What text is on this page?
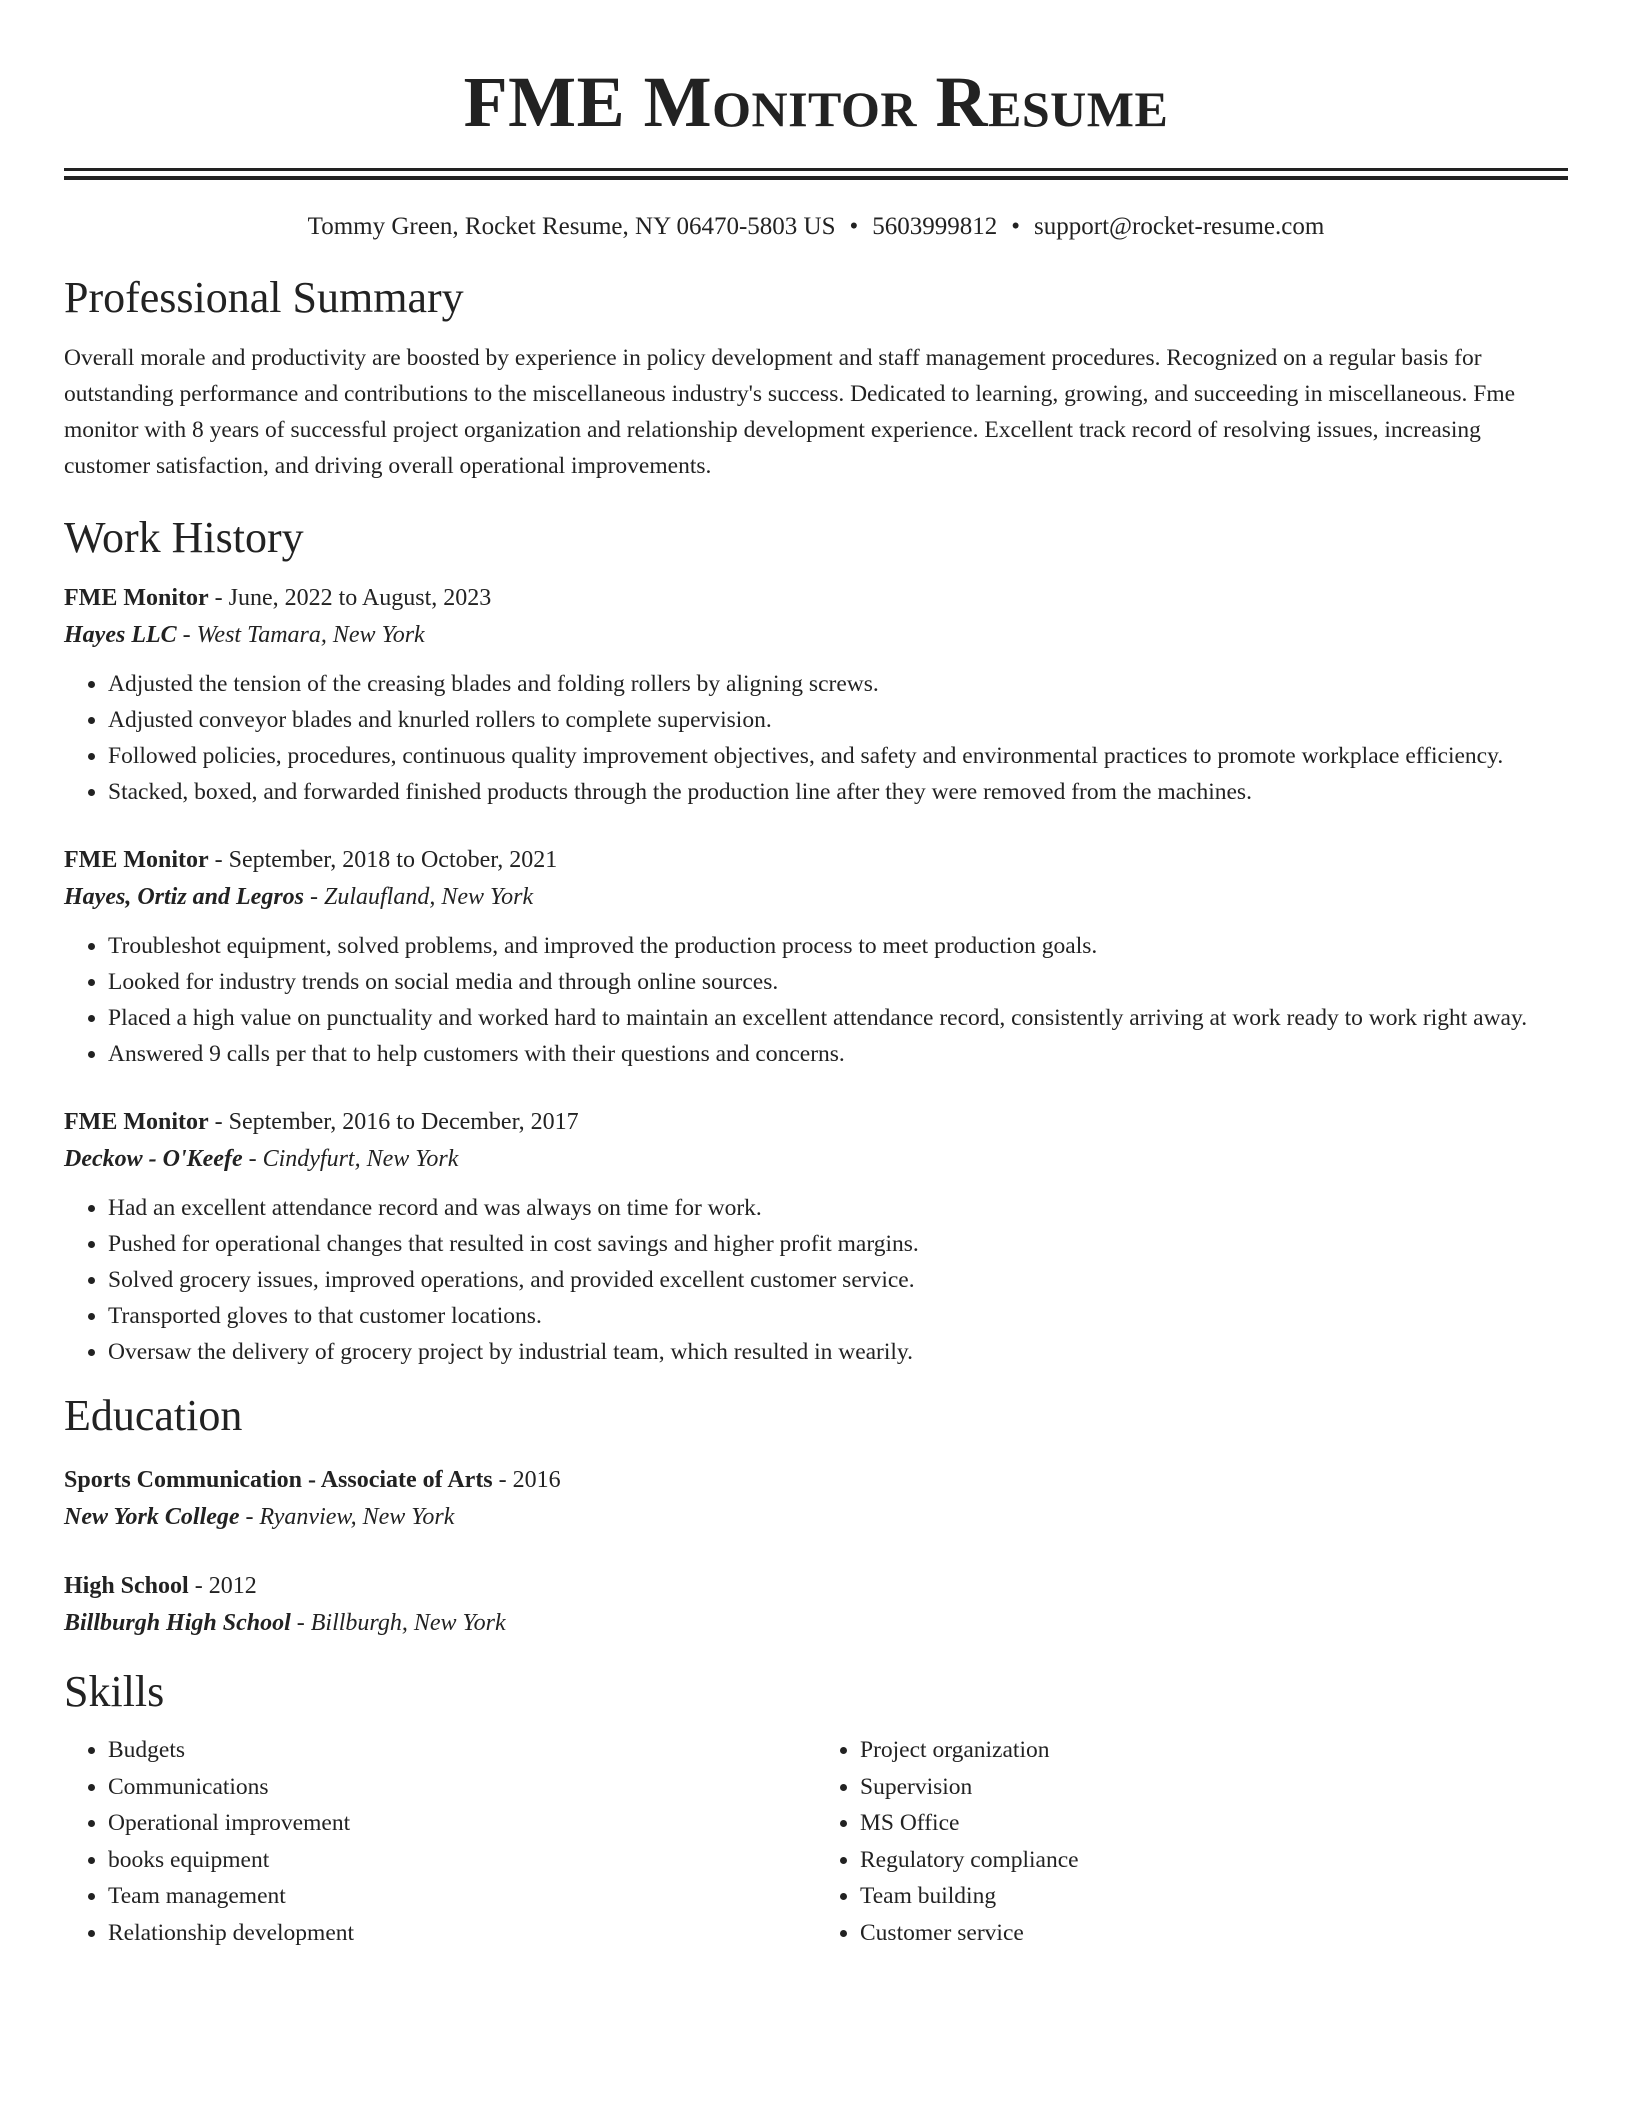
FME Monitor Resume
Tommy Green, Rocket Resume, NY 06470-5803 US • 5603999812 • support@rocket-resume.com
Professional Summary

Overall morale and productivity are boosted by experience in policy development and staff management procedures. Recognized on a regular basis for outstanding performance and contributions to the miscellaneous industry's success. Dedicated to learning, growing, and succeeding in miscellaneous. Fme monitor with 8 years of successful project organization and relationship development experience. Excellent track record of resolving issues, increasing customer satisfaction, and driving overall operational improvements.

Work History
FME Monitor - June, 2022 to August, 2023
Hayes LLC - West Tamara, New York
• Adjusted the tension of the creasing blades and folding rollers by aligning screws.
• Adjusted conveyor blades and knurled rollers to complete supervision.
• Followed policies, procedures, continuous quality improvement objectives, and safety and environmental practices to promote workplace efficiency.
• Stacked, boxed, and forwarded finished products through the production line after they were removed from the machines.
FME Monitor - September, 2018 to October, 2021
Hayes, Ortiz and Legros - Zulaufland, New York
• Troubleshot equipment, solved problems, and improved the production process to meet production goals.
• Looked for industry trends on social media and through online sources.
• Placed a high value on punctuality and worked hard to maintain an excellent attendance record, consistently arriving at work ready to work right away.
• Answered 9 calls per that to help customers with their questions and concerns.
FME Monitor - September, 2016 to December, 2017
Deckow - O'Keefe - Cindyfurt, New York
• Had an excellent attendance record and was always on time for work.
• Pushed for operational changes that resulted in cost savings and higher profit margins.
• Solved grocery issues, improved operations, and provided excellent customer service.
• Transported gloves to that customer locations.
• Oversaw the delivery of grocery project by industrial team, which resulted in wearily.
Education
Sports Communication - Associate of Arts - 2016
New York College - Ryanview, New York
High School - 2012
Billburgh High School - Billburgh, New York
Skills
• Budgets
• Communications
• Operational improvement
• books equipment
• Team management
• Relationship development
• Project organization
• Supervision
• MS Office
• Regulatory compliance
• Team building
• Customer service
